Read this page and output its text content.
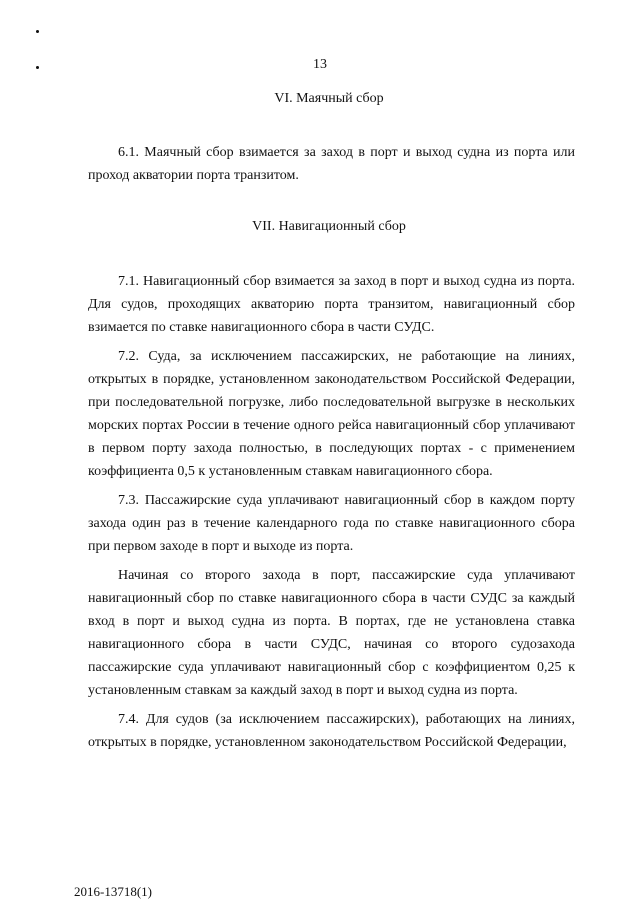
13
VI. Маячный сбор

6.1. Маячный сбор взимается за заход в порт и выход судна из порта или проход акватории порта транзитом.

VII. Навигационный сбор

7.1. Навигационный сбор взимается за заход в порт и выход судна из порта. Для судов, проходящих акваторию порта транзитом, навигационный сбор взимается по ставке навигационного сбора в части СУДС.

7.2. Суда, за исключением пассажирских, не работающие на линиях, открытых в порядке, установленном законодательством Российской Федерации, при последовательной погрузке, либо последовательной выгрузке в нескольких морских портах России в течение одного рейса навигационный сбор уплачивают в первом порту захода полностью, в последующих портах - с применением коэффициента 0,5 к установленным ставкам навигационного сбора.

7.3. Пассажирские суда уплачивают навигационный сбор в каждом порту захода один раз в течение календарного года по ставке навигационного сбора при первом заходе в порт и выходе из порта.

Начиная со второго захода в порт, пассажирские суда уплачивают навигационный сбор по ставке навигационного сбора в части СУДС за каждый вход в порт и выход судна из порта. В портах, где не установлена ставка навигационного сбора в части СУДС, начиная со второго судозахода пассажирские суда уплачивают навигационный сбор с коэффициентом 0,25 к установленным ставкам за каждый заход в порт и выход судна из порта.

7.4. Для судов (за исключением пассажирских), работающих на линиях, открытых в порядке, установленном законодательством Российской Федерации,

2016-13718(1)
